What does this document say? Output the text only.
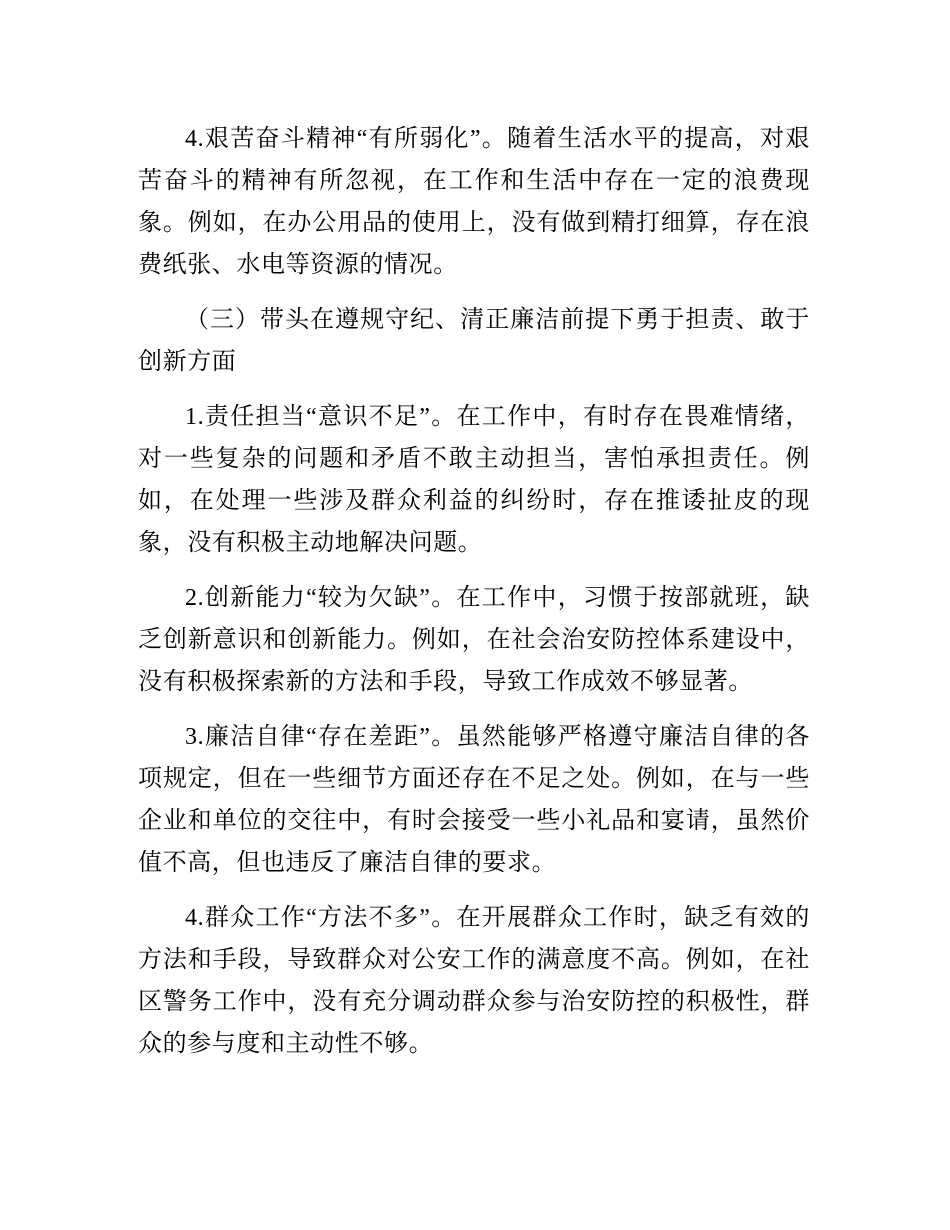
4.艰苦奋斗精神“有所弱化”。随着生活水平的提高，对艰苦奋斗的精神有所忽视，在工作和生活中存在一定的浪费现象。例如，在办公用品的使用上，没有做到精打细算，存在浪费纸张、水电等资源的情况。

（三）带头在遵规守纪、清正廉洁前提下勇于担责、敢于创新方面

1.责任担当“意识不足”。在工作中，有时存在畏难情绪，对一些复杂的问题和矛盾不敢主动担当，害怕承担责任。例如，在处理一些涉及群众利益的纠纷时，存在推诿扯皮的现象，没有积极主动地解决问题。

2.创新能力“较为欠缺”。在工作中，习惯于按部就班，缺乏创新意识和创新能力。例如，在社会治安防控体系建设中，没有积极探索新的方法和手段，导致工作成效不够显著。

3.廉洁自律“存在差距”。虽然能够严格遵守廉洁自律的各项规定，但在一些细节方面还存在不足之处。例如，在与一些企业和单位的交往中，有时会接受一些小礼品和宴请，虽然价值不高，但也违反了廉洁自律的要求。

4.群众工作“方法不多”。在开展群众工作时，缺乏有效的方法和手段，导致群众对公安工作的满意度不高。例如，在社区警务工作中，没有充分调动群众参与治安防控的积极性，群众的参与度和主动性不够。
